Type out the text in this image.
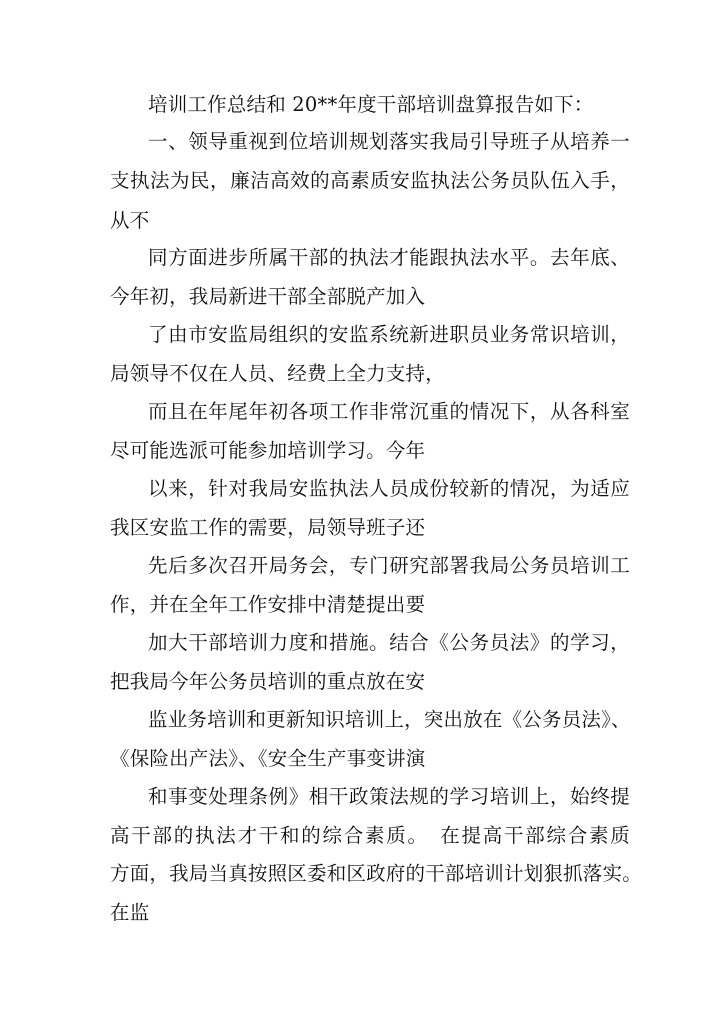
培训工作总结和 20**年度干部培训盘算报告如下：
一、领导重视到位培训规划落实我局引导班子从培养一
支执法为民，廉洁高效的高素质安监执法公务员队伍入手，
从不
同方面进步所属干部的执法才能跟执法水平。去年底、
今年初，我局新进干部全部脱产加入
了由市安监局组织的安监系统新进职员业务常识培训，
局领导不仅在人员、经费上全力支持，
而且在年尾年初各项工作非常沉重的情况下，从各科室
尽可能选派可能参加培训学习。今年
以来，针对我局安监执法人员成份较新的情况，为适应
我区安监工作的需要，局领导班子还
先后多次召开局务会，专门研究部署我局公务员培训工
作，并在全年工作安排中清楚提出要
加大干部培训力度和措施。结合《公务员法》的学习，
把我局今年公务员培训的重点放在安
监业务培训和更新知识培训上，突出放在《公务员法》、
《保险出产法》、《安全生产事变讲演
和事变处理条例》相干政策法规的学习培训上，始终提
高干部的执法才干和的综合素质。　在提高干部综合素质
方面，我局当真按照区委和区政府的干部培训计划狠抓落实。
在监
